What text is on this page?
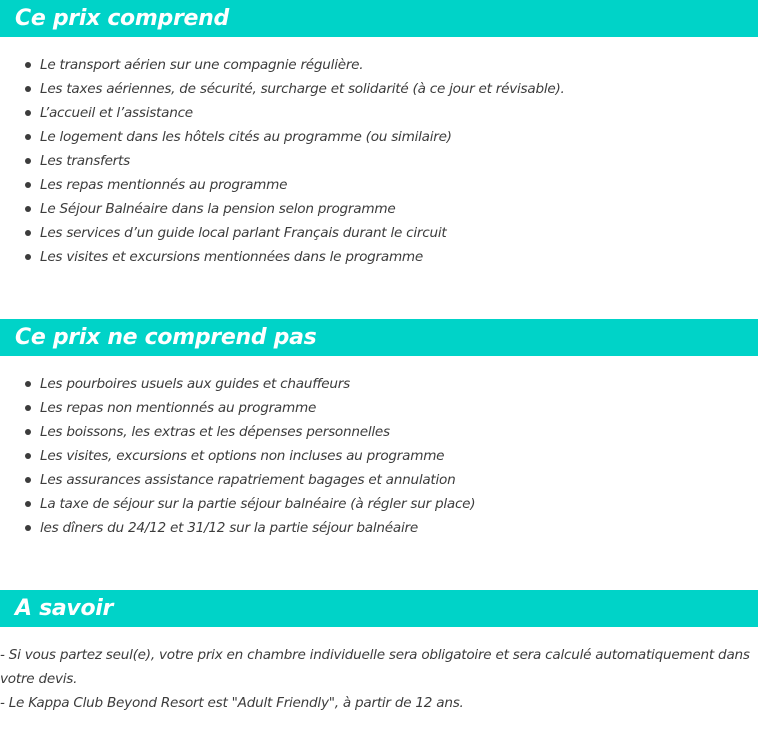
Ce prix comprend
Le transport aérien sur une compagnie régulière.
Les taxes aériennes, de sécurité, surcharge et solidarité (à ce jour et révisable).
L’accueil et l’assistance
Le logement dans les hôtels cités au programme (ou similaire)
Les transferts
Les repas mentionnés au programme
Le Séjour Balnéaire dans la pension selon programme
Les services d’un guide local parlant Français durant le circuit
Les visites et excursions mentionnées dans le programme
Ce prix ne comprend pas
Les pourboires usuels aux guides et chauffeurs
Les repas non mentionnés au programme
Les boissons, les extras et les dépenses personnelles
Les visites, excursions et options non incluses au programme
Les assurances assistance rapatriement bagages et annulation
La taxe de séjour sur la partie séjour balnéaire (à régler sur place)
les dîners du 24/12 et 31/12 sur la partie séjour balnéaire
A savoir

- Si vous partez seul(e), votre prix en chambre individuelle sera obligatoire et sera calculé automatiquement dans votre devis.
- Le Kappa Club Beyond Resort est "Adult Friendly", à partir de 12 ans.
